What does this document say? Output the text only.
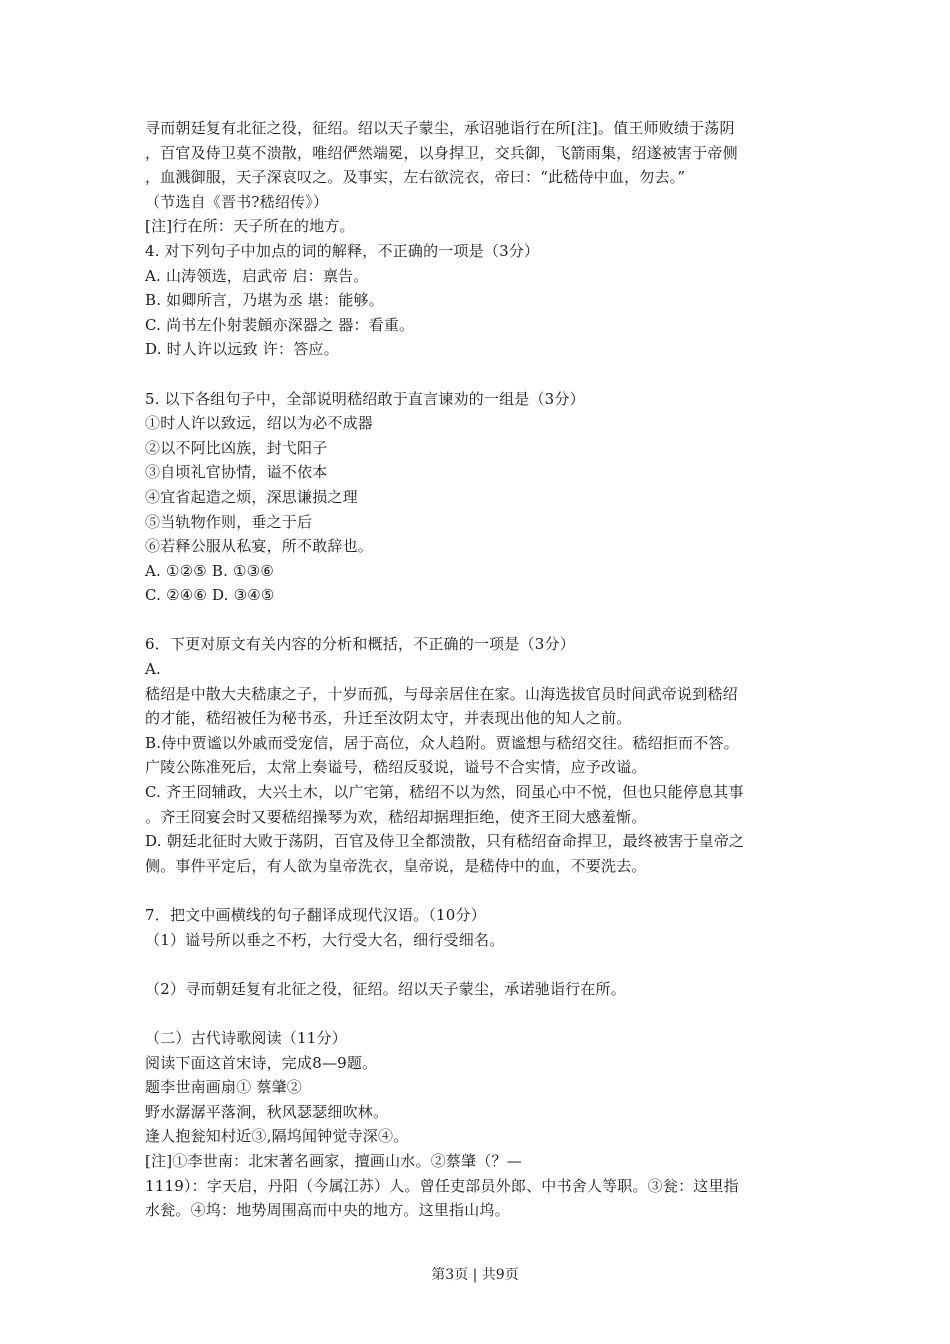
寻而朝廷复有北征之役，征绍。绍以天子蒙尘，承诏驰诣行在所[注]。值王师败绩于荡阴
，百官及侍卫莫不溃散，唯绍俨然端冕，以身捍卫，交兵御，飞箭雨集，绍遂被害于帝侧
，血溅御服，天子深哀叹之。及事实，左右欲浣衣，帝曰：“此嵇侍中血，勿去。”
（节选自《晋书?嵇绍传》）
[注]行在所：天子所在的地方。
4. 对下列句子中加点的词的解释，不正确的一项是（3分）
A. 山涛领选，启武帝 启：禀告。
B. 如卿所言，乃堪为丞 堪：能够。
C. 尚书左仆射裴頠亦深器之 器：看重。
D. 时人许以远致 许：答应。
5. 以下各组句子中，全部说明嵇绍敢于直言谏劝的一组是（3分）
①时人许以致远，绍以为必不成器
②以不阿比凶族，封弋阳子
③自顷礼官协情，谥不依本
④宜省起造之烦，深思谦损之理
⑤当轨物作则，垂之于后
⑥若释公服从私宴，所不敢辞也。
A. ①②⑤ B. ①③⑥
C. ②④⑥ D. ③④⑤
6．下更对原文有关内容的分析和概括，不正确的一项是（3分）
A.
嵇绍是中散大夫嵇康之子，十岁而孤，与母亲居住在家。山海选拔官员时间武帝说到嵇绍
的才能，嵇绍被任为秘书丞，升迁至汝阴太守，并表现出他的知人之前。
B.侍中贾谧以外戚而受宠信，居于高位，众人趋附。贾谧想与嵇绍交往。嵇绍拒而不答。
广陵公陈准死后，太常上奏谥号，嵇绍反驳说，谥号不合实情，应予改谥。
C. 齐王冏辅政，大兴土木，以广宅第，嵇绍不以为然，冏虽心中不悦，但也只能停息其事
。齐王冏宴会时又要嵇绍操琴为欢，嵇绍却据理拒绝，使齐王冏大感羞惭。
D. 朝廷北征时大败于荡阴，百官及侍卫全都溃散，只有嵇绍奋命捍卫，最终被害于皇帝之
侧。事件平定后，有人欲为皇帝洗衣，皇帝说，是嵇侍中的血，不要洗去。
7．把文中画横线的句子翻译成现代汉语。（10分）
（1）谥号所以垂之不朽，大行受大名，细行受细名。
（2）寻而朝廷复有北征之役，征绍。绍以天子蒙尘，承诺驰诣行在所。
（二）古代诗歌阅读（11分）
阅读下面这首宋诗，完成8—9题。
题李世南画扇① 蔡肇②
野水潺潺平落涧，秋风瑟瑟细吹林。
逢人抱瓮知村近③,隔坞闻钟觉寺深④。
[注]①李世南：北宋著名画家，擅画山水。②蔡肇（？—
1119）：字天启，丹阳（今属江苏）人。曾任吏部员外郎、中书舍人等职。③瓮：这里指
水瓮。④坞：地势周围高而中央的地方。这里指山坞。
第3页 | 共9页
